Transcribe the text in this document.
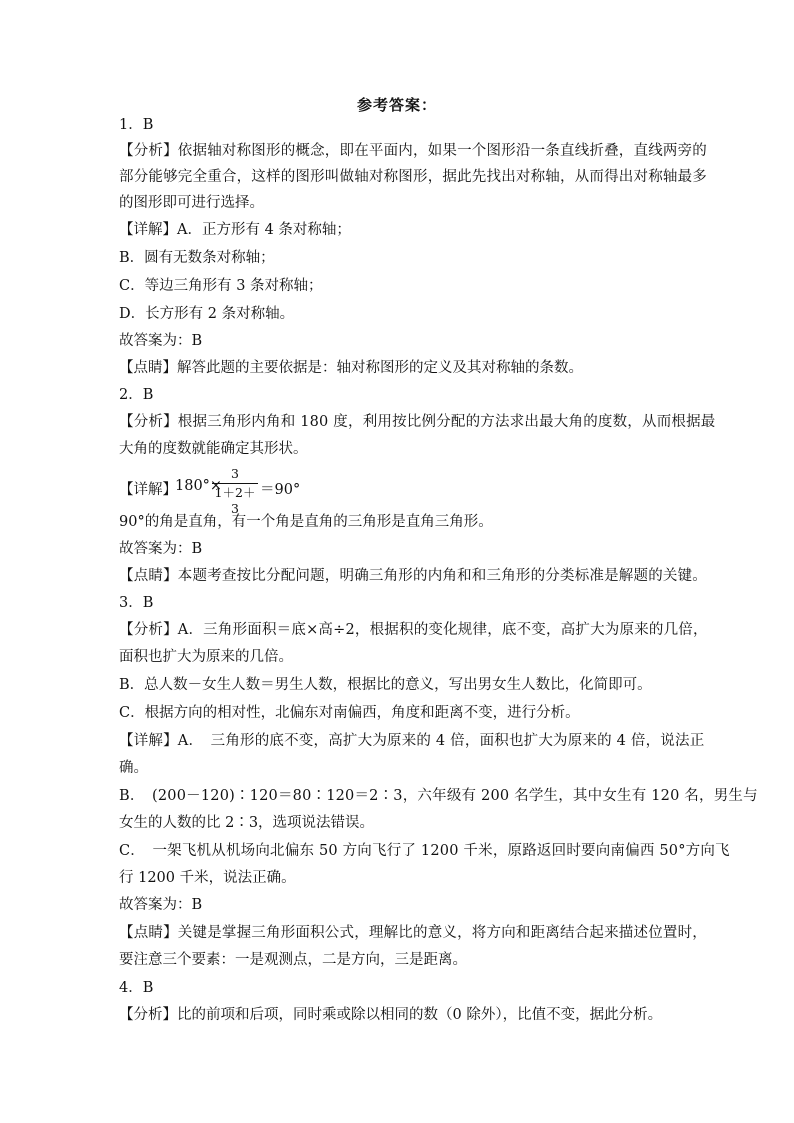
参考答案：
1．B
【分析】依据轴对称图形的概念，即在平面内，如果一个图形沿一条直线折叠，直线两旁的
部分能够完全重合，这样的图形叫做轴对称图形，据此先找出对称轴，从而得出对称轴最多
的图形即可进行选择。
【详解】A．正方形有 4 条对称轴；
B．圆有无数条对称轴；
C．等边三角形有 3 条对称轴；
D．长方形有 2 条对称轴。
故答案为：B
【点睛】解答此题的主要依据是：轴对称图形的定义及其对称轴的条数。
2．B
【分析】根据三角形内角和 180 度，利用按比例分配的方法求出最大角的度数，从而根据最
大角的度数就能确定其形状。
【详解】
180°×
3
1＋2＋3
＝90°
90°的角是直角，有一个角是直角的三角形是直角三角形。
故答案为：B
【点睛】本题考查按比分配问题，明确三角形的内角和和三角形的分类标准是解题的关键。
3．B
【分析】A．三角形面积＝底×高÷2，根据积的变化规律，底不变，高扩大为原来的几倍，
面积也扩大为原来的几倍。
B．总人数－女生人数＝男生人数，根据比的意义，写出男女生人数比，化简即可。
C．根据方向的相对性，北偏东对南偏西，角度和距离不变，进行分析。
【详解】A．　三角形的底不变，高扩大为原来的 4 倍，面积也扩大为原来的 4 倍，说法正
确。
B．　(200－120)∶120＝80∶120＝2∶3，六年级有 200 名学生，其中女生有 120 名，男生与
女生的人数的比 2∶3，选项说法错误。
C．　一架飞机从机场向北偏东 50 方向飞行了 1200 千米，原路返回时要向南偏西 50°方向飞
行 1200 千米，说法正确。
故答案为：B
【点睛】关键是掌握三角形面积公式，理解比的意义，将方向和距离结合起来描述位置时，
要注意三个要素：一是观测点，二是方向，三是距离。
4．B
【分析】比的前项和后项，同时乘或除以相同的数（0 除外），比值不变，据此分析。
